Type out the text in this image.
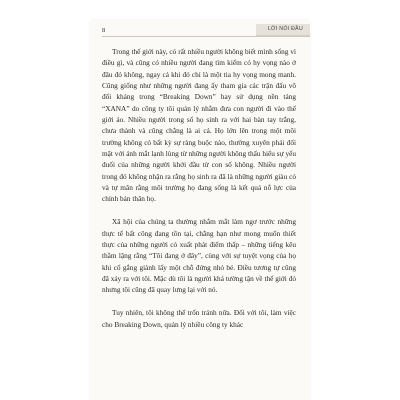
8	LỜI NÓI ĐẦU

Trong thế giới này, có rất nhiều người không biết mình sống vì điều gì, và cũng có nhiều người đang tìm kiếm có hy vọng nào ở đâu đó không, ngay cả khi đó chỉ là một tia hy vọng mong manh. Cũng giống như những người đang ấy tham gia các trận đấu võ đối kháng trong “Breaking Down” hay sử dụng nền tảng “XANA” do công ty tôi quản lý nhằm đưa con người đi vào thế giới ảo. Nhiều người trong số họ sinh ra với hai bàn tay trắng, chưa thành và cũng chẳng là ai cả. Họ lớn lên trong một môi trường không có bất kỳ sự ràng buộc nào, thường xuyên phải đối mặt với ánh mắt lạnh lùng từ những người không thấu hiểu sự yếu đuối của những người khởi đầu từ con số không. Nhiều người trong đó không nhận ra rằng họ sinh ra đã là những người giàu có và tự mãn rằng môi trường họ đang sống là kết quả nỗ lực của chính bản thân họ.

Xã hội của chúng ta thường nhắm mắt làm ngơ trước những thực tế bất công đang tồn tại, chẳng hạn như mong muốn thiết thực của những người có xuất phát điểm thấp – những tiếng kêu thầm lặng rằng “Tôi đang ở đây”, cùng với sự tuyệt vọng của họ khi cố gắng giành lấy một chỗ đứng nhỏ bé. Điều tương tự cũng đã xảy ra với tôi. Mặc dù tôi là người khá tường tận về thế giới đó nhưng tôi cũng đã quay lưng lại với nó.

Tuy nhiên, tôi không thể trốn tránh nữa. Đối với tôi, làm việc cho Breaking Down, quản lý nhiều công ty khác
